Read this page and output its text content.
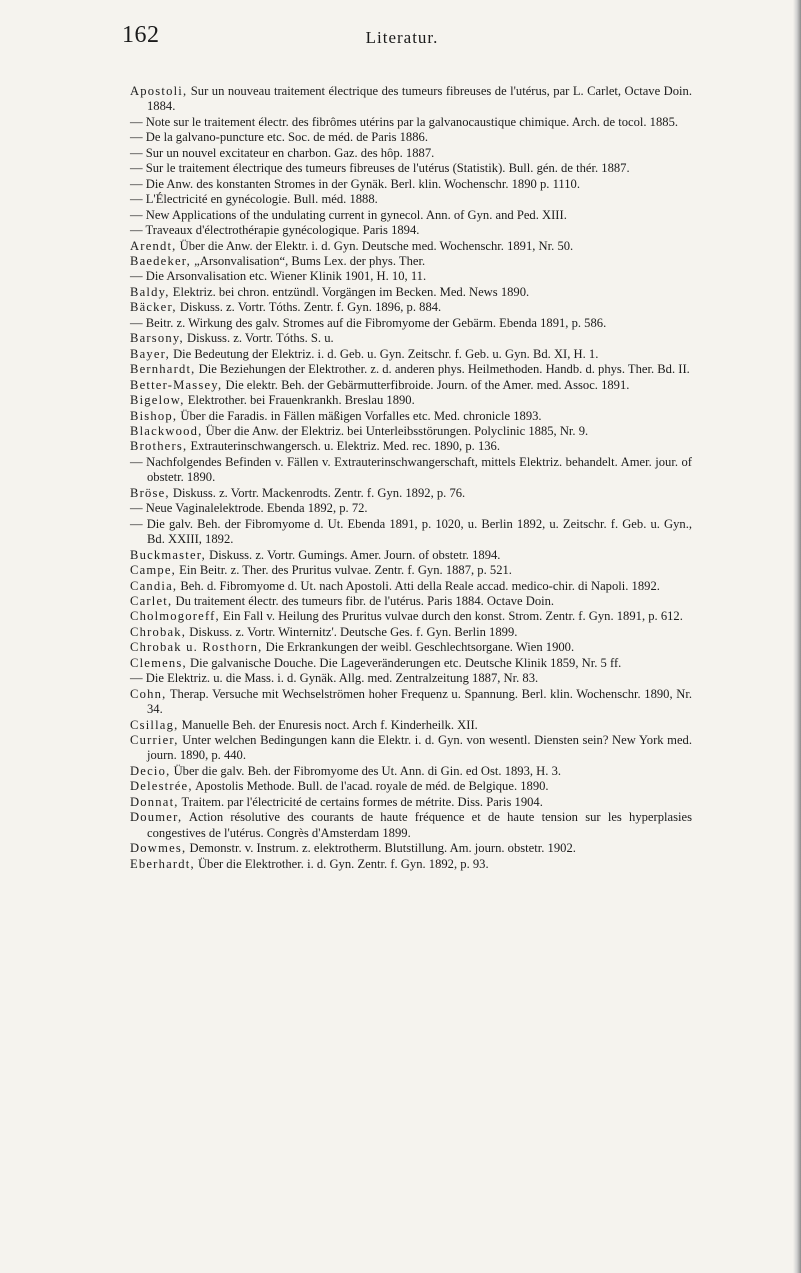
162	Literatur.
Apostoli, Sur un nouveau traitement électrique des tumeurs fibreuses de l'utérus, par L. Carlet, Octave Doin. 1884.
— Note sur le traitement électr. des fibrômes utérins par la galvanocaustique chimique. Arch. de tocol. 1885.
— De la galvano-puncture etc. Soc. de méd. de Paris 1886.
— Sur un nouvel excitateur en charbon. Gaz. des hôp. 1887.
— Sur le traitement électrique des tumeurs fibreuses de l'utérus (Statistik). Bull. gén. de thér. 1887.
— Die Anw. des konstanten Stromes in der Gynäk. Berl. klin. Wochenschr. 1890 p. 1110.
— L'Électricité en gynécologie. Bull. méd. 1888.
— New Applications of the undulating current in gynecol. Ann. of Gyn. and Ped. XIII.
— Traveaux d'électrothérapie gynécologique. Paris 1894.
Arendt, Über die Anw. der Elektr. i. d. Gyn. Deutsche med. Wochenschr. 1891, Nr. 50.
Baedeker, „Arsonvalisation“, Bums Lex. der phys. Ther.
— Die Arsonvalisation etc. Wiener Klinik 1901, H. 10, 11.
Baldy, Elektriz. bei chron. entzündl. Vorgängen im Becken. Med. News 1890.
Bäcker, Diskuss. z. Vortr. Tóths. Zentr. f. Gyn. 1896, p. 884.
— Beitr. z. Wirkung des galv. Stromes auf die Fibromyome der Gebärm. Ebenda 1891, p. 586.
Barsony, Diskuss. z. Vortr. Tóths. S. u.
Bayer, Die Bedeutung der Elektriz. i. d. Geb. u. Gyn. Zeitschr. f. Geb. u. Gyn. Bd. XI, H. 1.
Bernhardt, Die Beziehungen der Elektrother. z. d. anderen phys. Heilmethoden. Handb. d. phys. Ther. Bd. II.
Better-Massey, Die elektr. Beh. der Gebärmutterfibroide. Journ. of the Amer. med. Assoc. 1891.
Bigelow, Elektrother. bei Frauenkrankh. Breslau 1890.
Bishop, Über die Faradis. in Fällen mäßigen Vorfalles etc. Med. chronicle 1893.
Blackwood, Über die Anw. der Elektriz. bei Unterleibsstörungen. Polyclinic 1885, Nr. 9.
Brothers, Extrauterinschwangersch. u. Elektriz. Med. rec. 1890, p. 136.
— Nachfolgendes Befinden v. Fällen v. Extrauterinschwangerschaft, mittels Elektriz. behandelt. Amer. jour. of obstetr. 1890.
Bröse, Diskuss. z. Vortr. Mackenrodts. Zentr. f. Gyn. 1892, p. 76.
— Neue Vaginalelektrode. Ebenda 1892, p. 72.
— Die galv. Beh. der Fibromyome d. Ut. Ebenda 1891, p. 1020, u. Berlin 1892, u. Zeitschr. f. Geb. u. Gyn., Bd. XXIII, 1892.
Buckmaster, Diskuss. z. Vortr. Gumings. Amer. Journ. of obstetr. 1894.
Campe, Ein Beitr. z. Ther. des Pruritus vulvae. Zentr. f. Gyn. 1887, p. 521.
Candia, Beh. d. Fibromyome d. Ut. nach Apostoli. Atti della Reale accad. medico-chir. di Napoli. 1892.
Carlet, Du traitement électr. des tumeurs fibr. de l'utérus. Paris 1884. Octave Doin.
Cholmogoreff, Ein Fall v. Heilung des Pruritus vulvae durch den konst. Strom. Zentr. f. Gyn. 1891, p. 612.
Chrobak, Diskuss. z. Vortr. Winternitz'. Deutsche Ges. f. Gyn. Berlin 1899.
Chrobak u. Rosthorn, Die Erkrankungen der weibl. Geschlechtsorgane. Wien 1900.
Clemens, Die galvanische Douche. Die Lageveränderungen etc. Deutsche Klinik 1859, Nr. 5 ff.
— Die Elektriz. u. die Mass. i. d. Gynäk. Allg. med. Zentralzeitung 1887, Nr. 83.
Cohn, Therap. Versuche mit Wechselströmen hoher Frequenz u. Spannung. Berl. klin. Wochenschr. 1890, Nr. 34.
Csillag, Manuelle Beh. der Enuresis noct. Arch f. Kinderheilk. XII.
Currier, Unter welchen Bedingungen kann die Elektr. i. d. Gyn. von wesentl. Diensten sein? New York med. journ. 1890, p. 440.
Decio, Über die galv. Beh. der Fibromyome des Ut. Ann. di Gin. ed Ost. 1893, H. 3.
Delestrée, Apostolis Methode. Bull. de l'acad. royale de méd. de Belgique. 1890.
Donnat, Traitem. par l'électricité de certains formes de métrite. Diss. Paris 1904.
Doumer, Action résolutive des courants de haute fréquence et de haute tension sur les hyperplasies congestives de l'utérus. Congrès d'Amsterdam 1899.
Dowmes, Demonstr. v. Instrum. z. elektrotherm. Blutstillung. Am. journ. obstetr. 1902.
Eberhardt, Über die Elektrother. i. d. Gyn. Zentr. f. Gyn. 1892, p. 93.
